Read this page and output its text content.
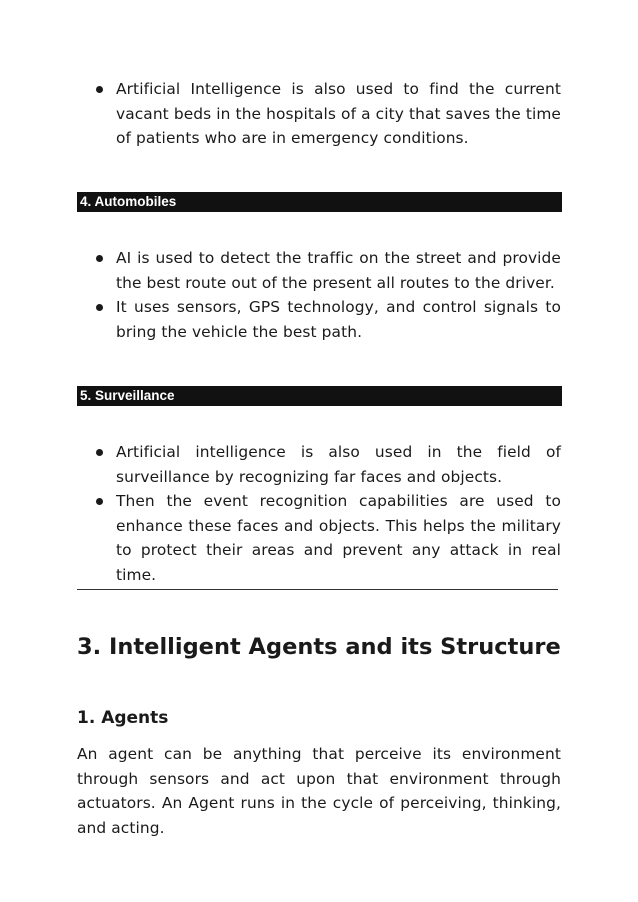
Artificial Intelligence is also used to find the current vacant beds in the hospitals of a city that saves the time of patients who are in emergency conditions.
4. Automobiles
AI is used to detect the traffic on the street and provide the best route out of the present all routes to the driver.
It uses sensors, GPS technology, and control signals to bring the vehicle the best path.
5. Surveillance
Artificial intelligence is also used in the field of surveillance by recognizing far faces and objects.
Then the event recognition capabilities are used to enhance these faces and objects. This helps the military to protect their areas and prevent any attack in real time.
3. Intelligent Agents and its Structure
1. Agents

An agent can be anything that perceive its environment through sensors and act upon that environment through actuators. An Agent runs in the cycle of perceiving, thinking, and acting.
